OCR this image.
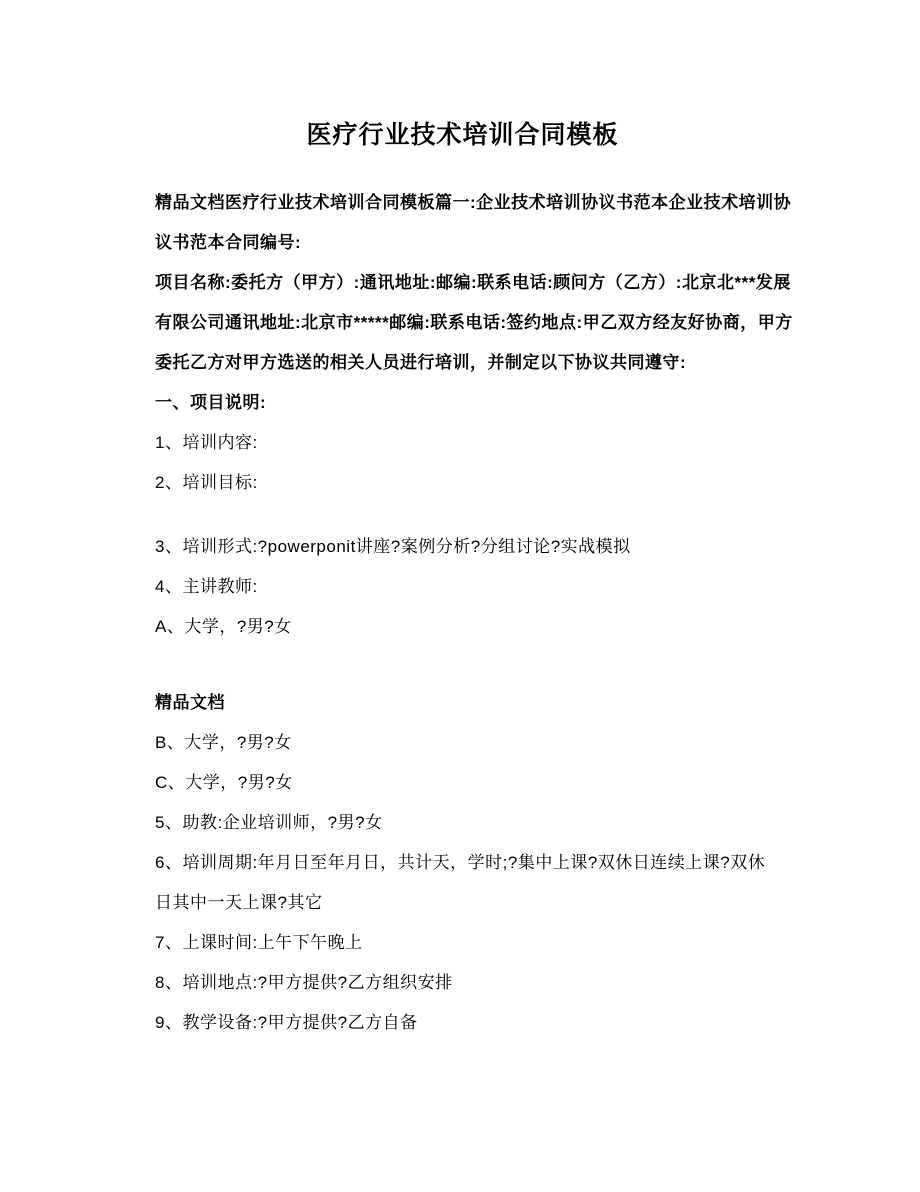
医疗行业技术培训合同模板
精品文档医疗行业技术培训合同模板篇一:企业技术培训协议书范本企业技术培训协
议书范本合同编号:
项目名称:委托方（甲方）:通讯地址:邮编:联系电话:顾问方（乙方）:北京北***发展
有限公司通讯地址:北京市*****邮编:联系电话:签约地点:甲乙双方经友好协商，甲方
委托乙方对甲方选送的相关人员进行培训，并制定以下协议共同遵守:
一、项目说明:
1、培训内容:
2、培训目标:
3、培训形式:?powerponit讲座?案例分析?分组讨论?实战模拟
4、主讲教师:
A、大学，?男?女
精品文档
B、大学，?男?女
C、大学，?男?女
5、助教:企业培训师，?男?女
6、培训周期:年月日至年月日，共计天，学时;?集中上课?双休日连续上课?双休
日其中一天上课?其它
7、上课时间:上午下午晚上
8、培训地点:?甲方提供?乙方组织安排
9、教学设备:?甲方提供?乙方自备
